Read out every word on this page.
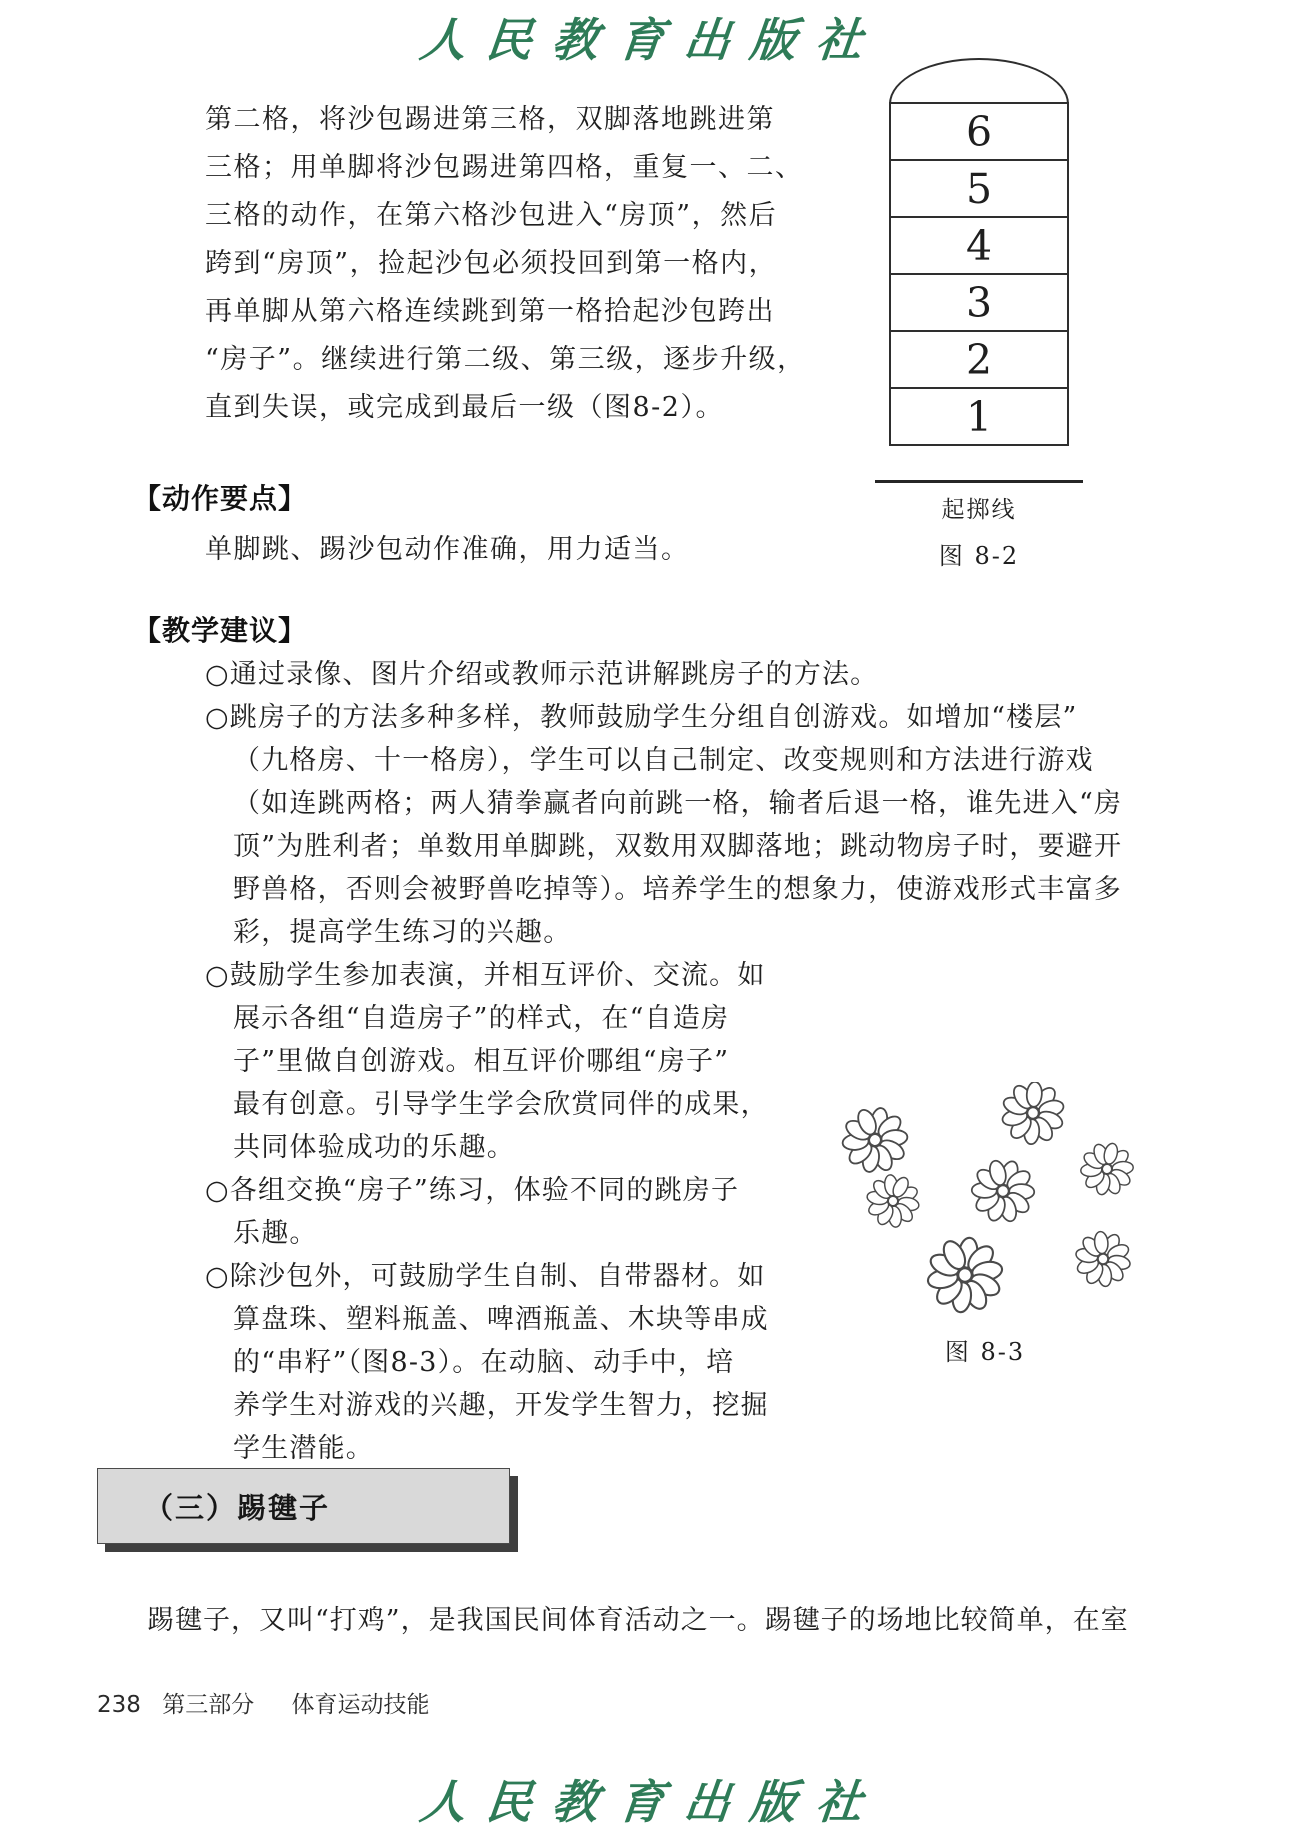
人民教育出版社
第二格，将沙包踢进第三格，双脚落地跳进第
三格；用单脚将沙包踢进第四格，重复一、二、
三格的动作，在第六格沙包进入“房顶”，然后
跨到“房顶”，捡起沙包必须投回到第一格内，
再单脚从第六格连续跳到第一格拾起沙包跨出
“房子”。继续进行第二级、第三级，逐步升级，
直到失误，或完成到最后一级（图8-2）。
6
5
4
3
2
1
起掷线
图 8-2
【动作要点】
单脚跳、踢沙包动作准确，用力适当。
【教学建议】
○通过录像、图片介绍或教师示范讲解跳房子的方法。
○跳房子的方法多种多样，教师鼓励学生分组自创游戏。如增加“楼层”
（九格房、十一格房），学生可以自己制定、改变规则和方法进行游戏
（如连跳两格；两人猜拳赢者向前跳一格，输者后退一格，谁先进入“房
顶”为胜利者；单数用单脚跳，双数用双脚落地；跳动物房子时，要避开
野兽格，否则会被野兽吃掉等）。培养学生的想象力，使游戏形式丰富多
彩，提高学生练习的兴趣。
○鼓励学生参加表演，并相互评价、交流。如
展示各组“自造房子”的样式，在“自造房
子”里做自创游戏。相互评价哪组“房子”
最有创意。引导学生学会欣赏同伴的成果，
共同体验成功的乐趣。
○各组交换“房子”练习，体验不同的跳房子
乐趣。
○除沙包外，可鼓励学生自制、自带器材。如
算盘珠、塑料瓶盖、啤酒瓶盖、木块等串成
的“串籽”（图8-3）。在动脑、动手中，培
养学生对游戏的兴趣，开发学生智力，挖掘
学生潜能。
图 8-3
（三）踢毽子
踢毽子，又叫“打鸡”，是我国民间体育活动之一。踢毽子的场地比较简单，在室
238 第三部分 体育运动技能
人民教育出版社
